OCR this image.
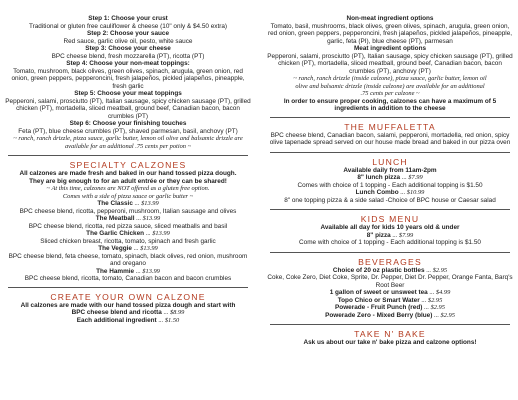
Step 1: Choose your crust
Traditional or gluten free cauliflower & cheese (10" only & $4.50 extra)
Step 2: Choose your sauce
Red sauce, garlic olive oil, pesto, white sauce
Step 3: Choose your cheese
BPC cheese blend, fresh mozzarella (PT), ricotta (PT)
Step 4: Choose your non-meat toppings:
Tomato, mushroom, black olives, green olives, spinach, arugula, green onion, red onion, green peppers, pepperoncini, fresh jalapeños, pickled jalapeños, pineapple, fresh garlic
Step 5: Choose your meat toppings
Pepperoni, salami, prosciutto (PT), Italian sausage, spicy chicken sausage (PT), grilled chicken (PT), mortadella, sliced meatball, ground beef, Canadian bacon, bacon crumbles (PT)
Step 6: Choose your finishing touches
Feta (PT), blue cheese crumbles (PT), shaved parmesan, basil, anchovy (PT)
~ ranch, ranch drizzle, pizza sauce, garlic butter, lemon oil olive and balsamic drizzle are available for an additional .75 cents per potion ~
SPECIALTY CALZONES
All calzones are made fresh and baked in our hand tossed pizza dough.
They are big enough to for an adult entrée or they can be shared!
~ At this time, calzones are NOT offered as a gluten free option.
Comes with a side of pizza sauce or garlic butter ~
The Classic ... $13.99
BPC cheese blend, ricotta, pepperoni, mushroom, Italian sausage and olives
The Meatball ... $13.99
BPC cheese blend, ricotta, red pizza sauce, sliced meatballs and basil
The Garlic Chicken ... $13.99
Sliced chicken breast, ricotta, tomato, spinach and fresh garlic
The Veggie ... $13.99
BPC cheese blend, feta cheese, tomato, spinach, black olives, red onion, mushroom and oregano
The Hammie ... $13.99
BPC cheese blend, ricotta, tomato, Canadian bacon and bacon crumbles
CREATE YOUR OWN CALZONE
All calzones are made with our hand tossed pizza dough and start with
BPC cheese blend and ricotta ... $8.99
Each additional ingredient ... $1.50
Non-meat ingredient options
Tomato, basil, mushrooms, black olives, green olives, spinach, arugula, green onion, red onion, green peppers, pepperoncini, fresh jalapeños, pickled jalapeños, pineapple, garlic, feta (PI), blue cheese (PT), parmesan
Meat ingredient options
Pepperoni, salami, prosciutto (PT), Italian sausage, spicy chicken sausage (PT), grilled chicken (PT), mortadella, sliced meatball, ground beef, Canadian bacon, bacon crumbles (PT), anchovy (PT)
~ ranch, ranch drizzle (inside calzone), pizza sauce, garlic butter, lemon oil
olive and balsamic drizzle (inside calzone) are available for an additional
.75 cents per calzone ~
In order to ensure proper cooking, calzones can have a maximum of 5 ingredients in addition to the cheese
THE MUFFALETTA
BPC cheese blend, Canadian bacon, salami, pepperoni, mortadella, red onion, spicy olive tapenade spread served on our house made bread and baked in our pizza oven
LUNCH
Available daily from 11am-2pm
8" lunch pizza ... $7.99
Comes with choice of 1 topping - Each additional topping is $1.50
Lunch Combo ... $10.99
8" one topping pizza & a side salad -Choice of BPC house or Caesar salad
KIDS MENU
Available all day for kids 10 years old & under
8" pizza ... $7.99
Come with choice of 1 topping - Each additional topping is $1.50
BEVERAGES
Choice of 20 oz plastic bottles ... $2.95
Coke, Coke Zero, Diet Coke, Sprite, Dr. Pepper, Diet Dr. Pepper, Orange Fanta, Barq's Root Beer
1 gallon of sweet or unsweet tea ... $4.99
Topo Chico or Smart Water ... $2.95
Powerade - Fruit Punch (red) ... $2.95
Powerade Zero - Mixed Berry (blue) ... $2.95
TAKE N' BAKE
Ask us about our take n' bake pizza and calzone options!
